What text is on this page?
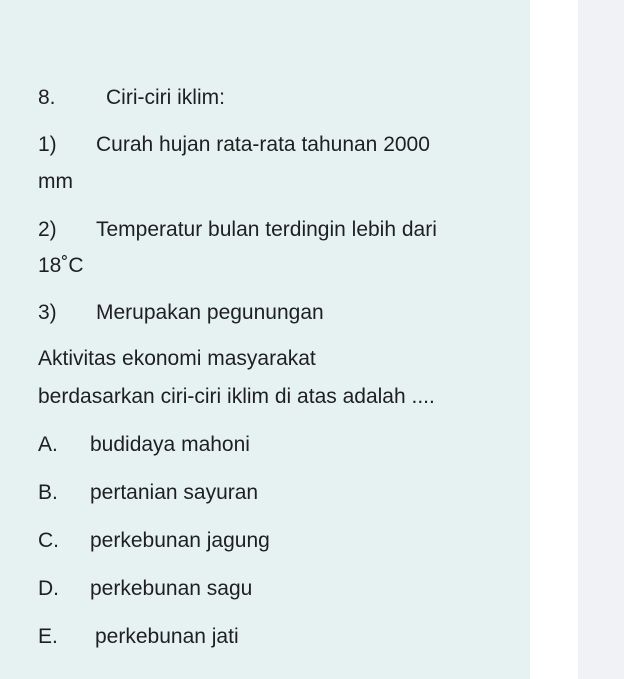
8. Ciri-ciri iklim:
1) Curah hujan rata-rata tahunan 2000
mm
2) Temperatur bulan terdingin lebih dari
18˚C
3) Merupakan pegunungan
Aktivitas ekonomi masyarakat
berdasarkan ciri-ciri iklim di atas adalah ....
A. budidaya mahoni
B. pertanian sayuran
C. perkebunan jagung
D. perkebunan sagu
E. perkebunan jati
